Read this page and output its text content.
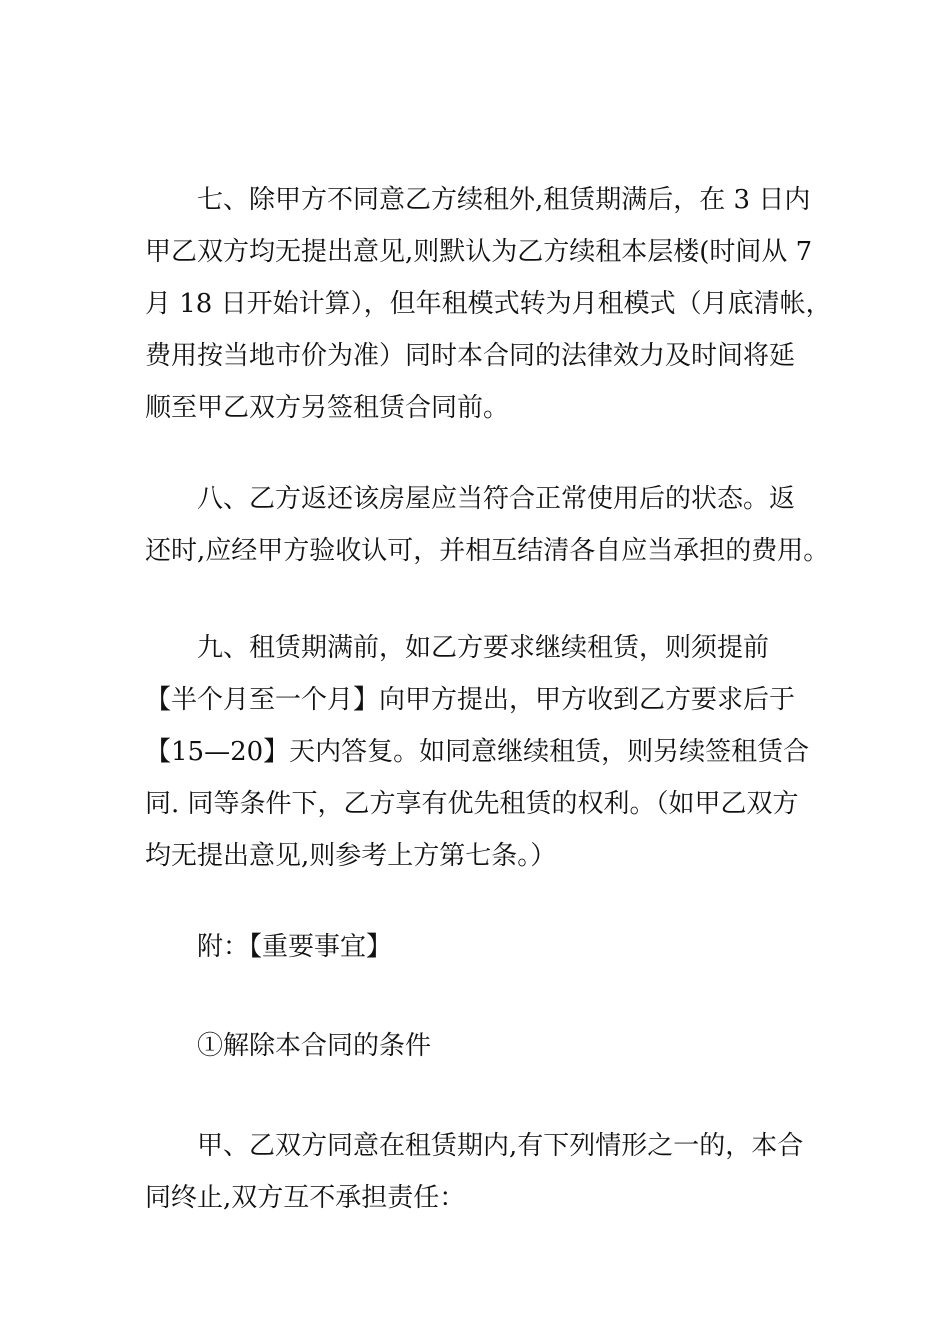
七、除甲方不同意乙方续租外,租赁期满后，在 3 日内
甲乙双方均无提出意见,则默认为乙方续租本层楼(时间从 7
月 18 日开始计算），但年租模式转为月租模式（月底清帐，
费用按当地市价为准）同时本合同的法律效力及时间将延
顺至甲乙双方另签租赁合同前。
八、乙方返还该房屋应当符合正常使用后的状态。返
还时,应经甲方验收认可，并相互结清各自应当承担的费用。
九、租赁期满前，如乙方要求继续租赁，则须提前
【半个月至一个月】向甲方提出，甲方收到乙方要求后于
【15—20】天内答复。如同意继续租赁，则另续签租赁合
同. 同等条件下，乙方享有优先租赁的权利。（如甲乙双方
均无提出意见,则参考上方第七条。）
附：【重要事宜】
①解除本合同的条件
甲、乙双方同意在租赁期内,有下列情形之一的，本合
同终止,双方互不承担责任：
